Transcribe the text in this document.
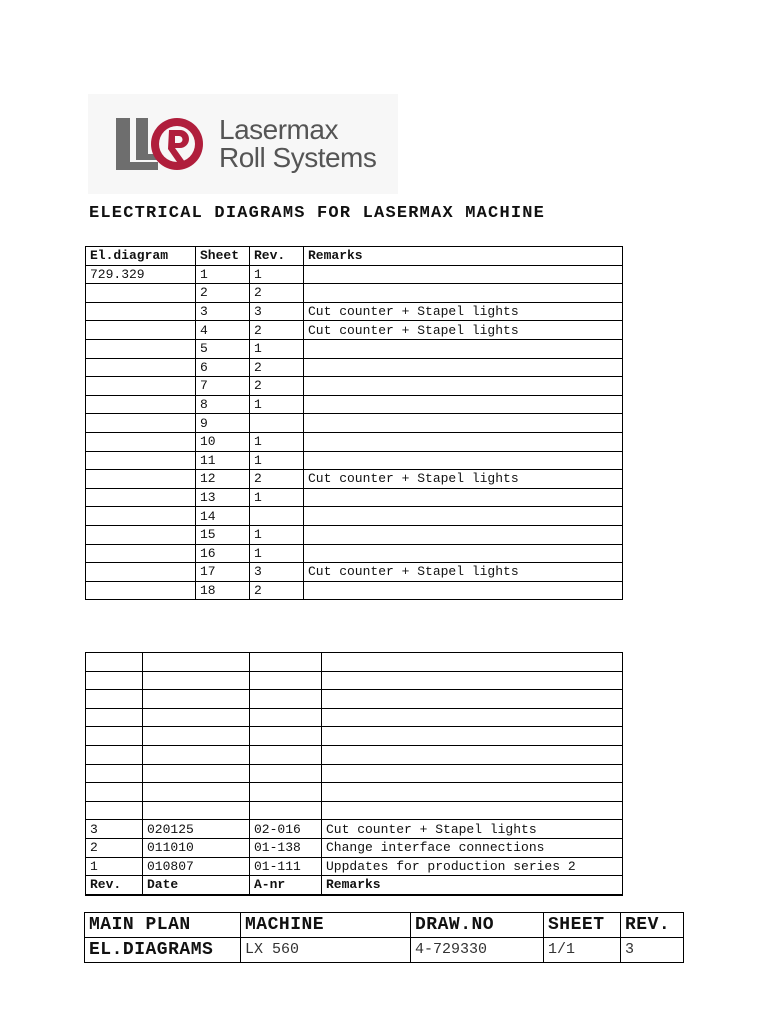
Lasermax
Roll Systems
ELECTRICAL DIAGRAMS FOR LASERMAX MACHINE
El.diagram	Sheet	Rev.	Remarks
729.329	1	1	
	2	2	
	3	3	Cut counter + Stapel lights
	4	2	Cut counter + Stapel lights
	5	1	
	6	2	
	7	2	
	8	1	
	9		
	10	1	
	11	1	
	12	2	Cut counter + Stapel lights
	13	1	
	14		
	15	1	
	16	1	
	17	3	Cut counter + Stapel lights
	18	2	

3	020125	02-016	Cut counter + Stapel lights
2	011010	01-138	Change interface connections
1	010807	01-111	Uppdates for production series 2
Rev.	Date	A-nr	Remarks
MAIN PLAN	MACHINE	DRAW.NO	SHEET	REV.
EL.DIAGRAMS	LX 560	4-729330	1/1	3
